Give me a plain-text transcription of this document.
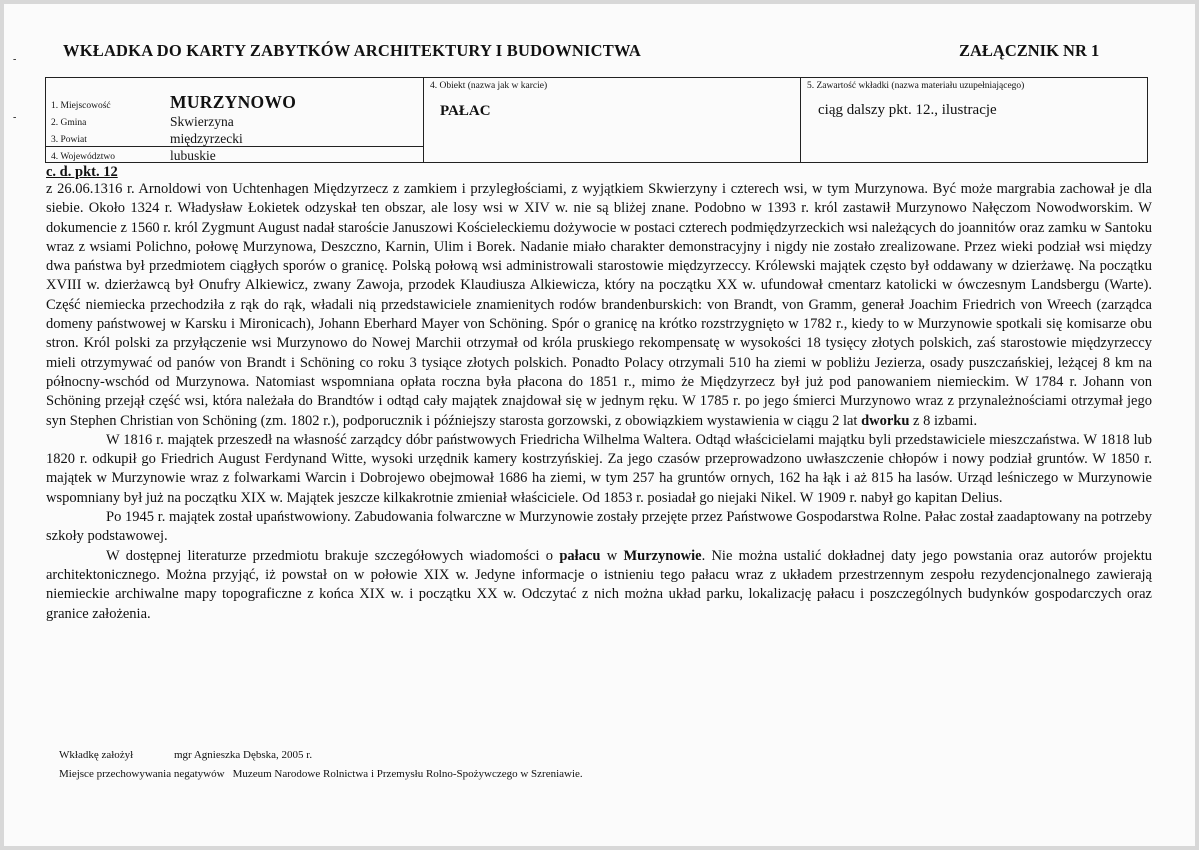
-
-
WKŁADKA DO KARTY ZABYTKÓW ARCHITEKTURY I BUDOWNICTWA	ZAŁĄCZNIK NR 1
1. Miejscowość	MURZYNOWO
2. Gmina	Skwierzyna
3. Powiat	międzyrzecki
4. Województwo	lubuskie
4. Obiekt (nazwa jak w karcie)
PAŁAC
5. Zawartość wkładki (nazwa materiału uzupełniającego)
ciąg dalszy pkt. 12., ilustracje
c. d. pkt. 12

z 26.06.1316 r. Arnoldowi von Uchtenhagen Międzyrzecz z zamkiem i przyległościami, z wyjątkiem Skwierzyny i czterech wsi, w tym Murzynowa. Być może margrabia zachował je dla siebie. Około 1324 r. Władysław Łokietek odzyskał ten obszar, ale losy wsi w XIV w. nie są bliżej znane. Podobno w 1393 r. król zastawił Murzynowo Nałęczom Nowodworskim. W dokumencie z 1560 r. król Zygmunt August nadał staroście Januszowi Kościeleckiemu dożywocie w postaci czterech podmiędzyrzeckich wsi należących do joannitów oraz zamku w Santoku wraz z wsiami Polichno, połowę Murzynowa, Deszczno, Karnin, Ulim i Borek. Nadanie miało charakter demonstracyjny i nigdy nie zostało zrealizowane. Przez wieki podział wsi między dwa państwa był przedmiotem ciągłych sporów o granicę. Polską połową wsi administrowali starostowie międzyrzeccy. Królewski majątek często był oddawany w dzierżawę. Na początku XVIII w. dzierżawcą był Onufry Alkiewicz, zwany Zawoja, przodek Klaudiusza Alkiewicza, który na początku XX w. ufundował cmentarz katolicki w ówczesnym Landsbergu (Warte). Część niemiecka przechodziła z rąk do rąk, władali nią przedstawiciele znamienitych rodów brandenburskich: von Brandt, von Gramm, generał Joachim Friedrich von Wreech (zarządca domeny państwowej w Karsku i Mironicach), Johann Eberhard Mayer von Schöning. Spór o granicę na krótko rozstrzygnięto w 1782 r., kiedy to w Murzynowie spotkali się komisarze obu stron. Król polski za przyłączenie wsi Murzynowo do Nowej Marchii otrzymał od króla pruskiego rekompensatę w wysokości 18 tysięcy złotych polskich, zaś starostowie międzyrzeccy mieli otrzymywać od panów von Brandt i Schöning co roku 3 tysiące złotych polskich. Ponadto Polacy otrzymali 510 ha ziemi w pobliżu Jezierza, osady puszczańskiej, leżącej 8 km na północny-wschód od Murzynowa. Natomiast wspomniana opłata roczna była płacona do 1851 r., mimo że Międzyrzecz był już pod panowaniem niemieckim. W 1784 r. Johann von Schöning przejął część wsi, która należała do Brandtów i odtąd cały majątek znajdował się w jednym ręku. W 1785 r. po jego śmierci Murzynowo wraz z przynależnościami otrzymał jego syn Stephen Christian von Schöning (zm. 1802 r.), podporucznik i późniejszy starosta gorzowski, z obowiązkiem wystawienia w ciągu 2 lat dworku z 8 izbami.

W 1816 r. majątek przeszedł na własność zarządcy dóbr państwowych Friedricha Wilhelma Waltera. Odtąd właścicielami majątku byli przedstawiciele mieszczaństwa. W 1818 lub 1820 r. odkupił go Friedrich August Ferdynand Witte, wysoki urzędnik kamery kostrzyńskiej. Za jego czasów przeprowadzono uwłaszczenie chłopów i nowy podział gruntów. W 1850 r. majątek w Murzynowie wraz z folwarkami Warcin i Dobrojewo obejmował 1686 ha ziemi, w tym 257 ha gruntów ornych, 162 ha łąk i aż 815 ha lasów. Urząd leśniczego w Murzynowie wspomniany był już na początku XIX w. Majątek jeszcze kilkakrotnie zmieniał właściciele. Od 1853 r. posiadał go niejaki Nikel. W 1909 r. nabył go kapitan Delius.

Po 1945 r. majątek został upaństwowiony. Zabudowania folwarczne w Murzynowie zostały przejęte przez Państwowe Gospodarstwa Rolne. Pałac został zaadaptowany na potrzeby szkoły podstawowej.

W dostępnej literaturze przedmiotu brakuje szczegółowych wiadomości o pałacu w Murzynowie. Nie można ustalić dokładnej daty jego powstania oraz autorów projektu architektonicznego. Można przyjąć, iż powstał on w połowie XIX w. Jedyne informacje o istnieniu tego pałacu wraz z układem przestrzennym zespołu rezydencjonalnego zawierają niemieckie archiwalne mapy topograficzne z końca XIX w. i początku XX w. Odczytać z nich można układ parku, lokalizację pałacu i poszczególnych budynków gospodarczych oraz granice założenia.

Wkładkę założył	mgr Agnieszka Dębska, 2005 r.
Miejsce przechowywania negatywów Muzeum Narodowe Rolnictwa i Przemysłu Rolno-Spożywczego w Szreniawie.
